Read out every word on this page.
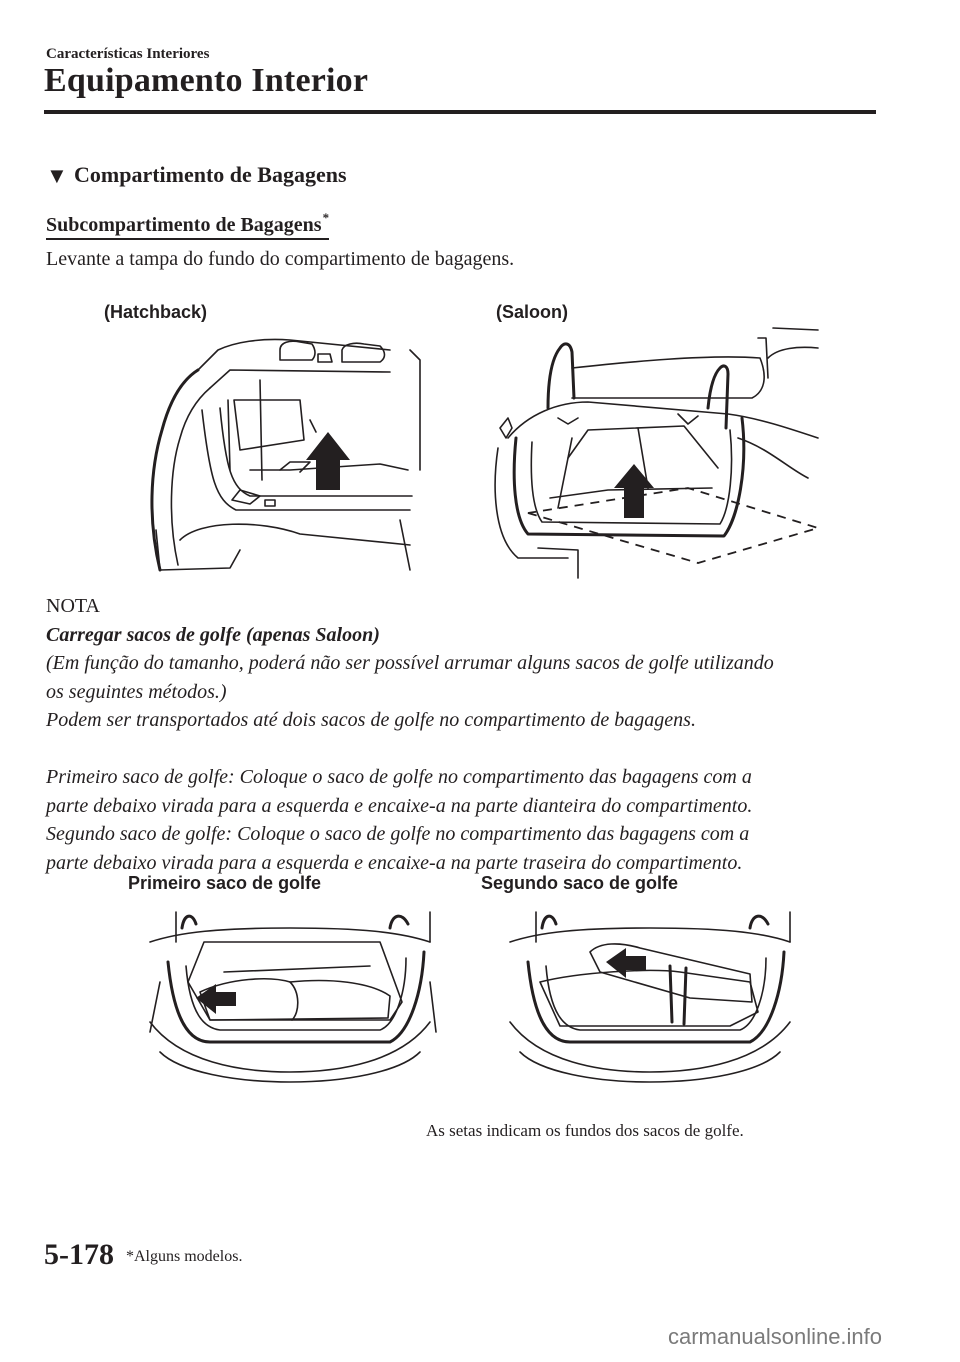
Características Interiores
Equipamento Interior
▼ Compartimento de Bagagens
Subcompartimento de Bagagens*
Levante a tampa do fundo do compartimento de bagagens.
(Hatchback)	(Saloon)
NOTA
Carregar sacos de golfe (apenas Saloon)
(Em função do tamanho, poderá não ser possível arrumar alguns sacos de golfe utilizando
os seguintes métodos.)
Podem ser transportados até dois sacos de golfe no compartimento de bagagens.
Primeiro saco de golfe: Coloque o saco de golfe no compartimento das bagagens com a
parte debaixo virada para a esquerda e encaixe-a na parte dianteira do compartimento.
Segundo saco de golfe: Coloque o saco de golfe no compartimento das bagagens com a
parte debaixo virada para a esquerda e encaixe-a na parte traseira do compartimento.
Primeiro saco de golfe	Segundo saco de golfe
As setas indicam os fundos dos sacos de golfe.
5-178 *Alguns modelos.
carmanualsonline.info
